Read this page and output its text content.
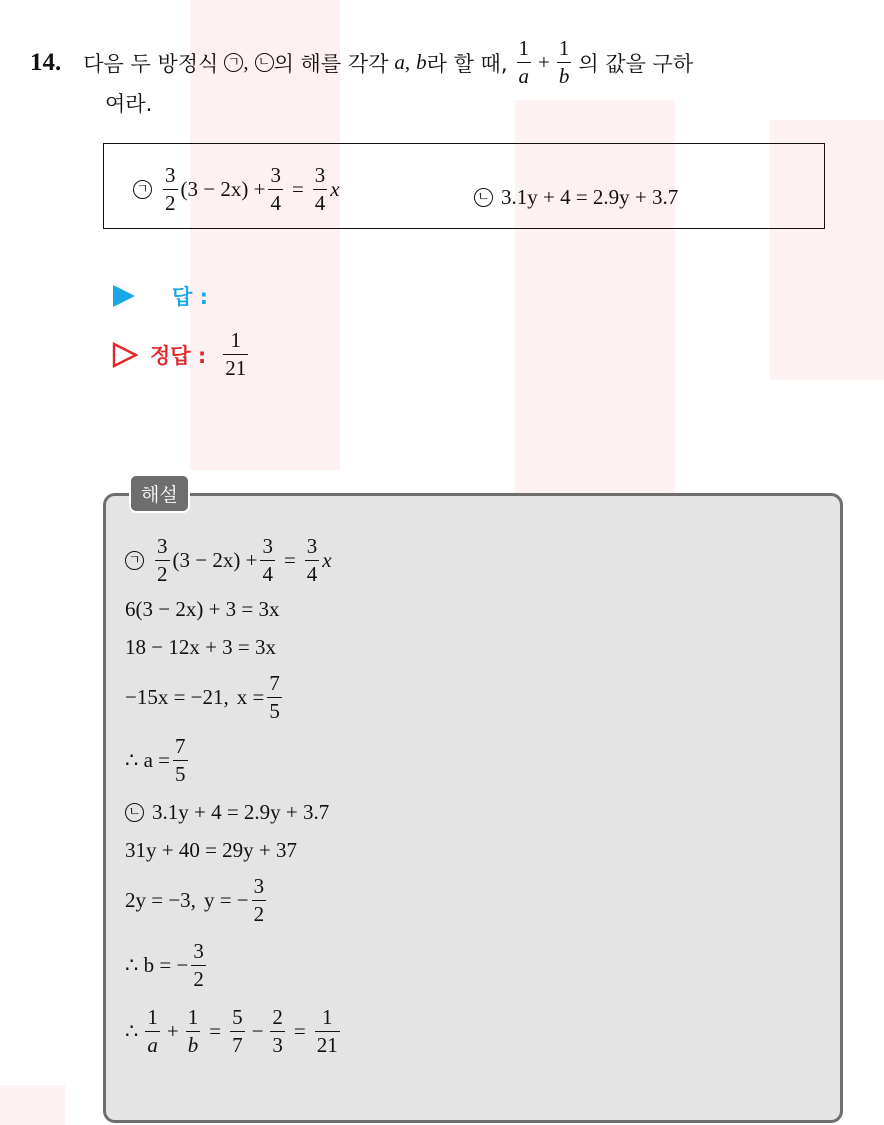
14. 다음 두 방정식 ㄱ , ㄴ 의 해를 각각 a , b 라 할 때, $\frac{1}{a} + \frac{1}{b}$ 의 값을 구하
여라.
ㄱ $\frac{3}{2} (3 - 2x) + \frac{3}{4} = \frac{3}{4}$ x	ㄴ 3.1y + 4 = 2.9y + 3.7
답 :
정답 : $\frac{1}{21}$
해설
ㄱ $\frac{3}{2} (3 - 2x) + \frac{3}{4} = \frac{3}{4}$ x
6(3 − 2x) + 3 = 3x
18 − 12x + 3 = 3x
−15x = −21, $x = \frac{7}{5}$
∴ $a = \frac{7}{5}$
ㄴ 3.1y + 4 = 2.9y + 3.7
31y + 40 = 29y + 37
2y = −3, y = − $\frac{3}{2}$
∴ b = − $\frac{3}{2}$
∴ $\frac{1}{a} + \frac{1}{b} = \frac{5}{7} - \frac{2}{3} = \frac{1}{21}$
